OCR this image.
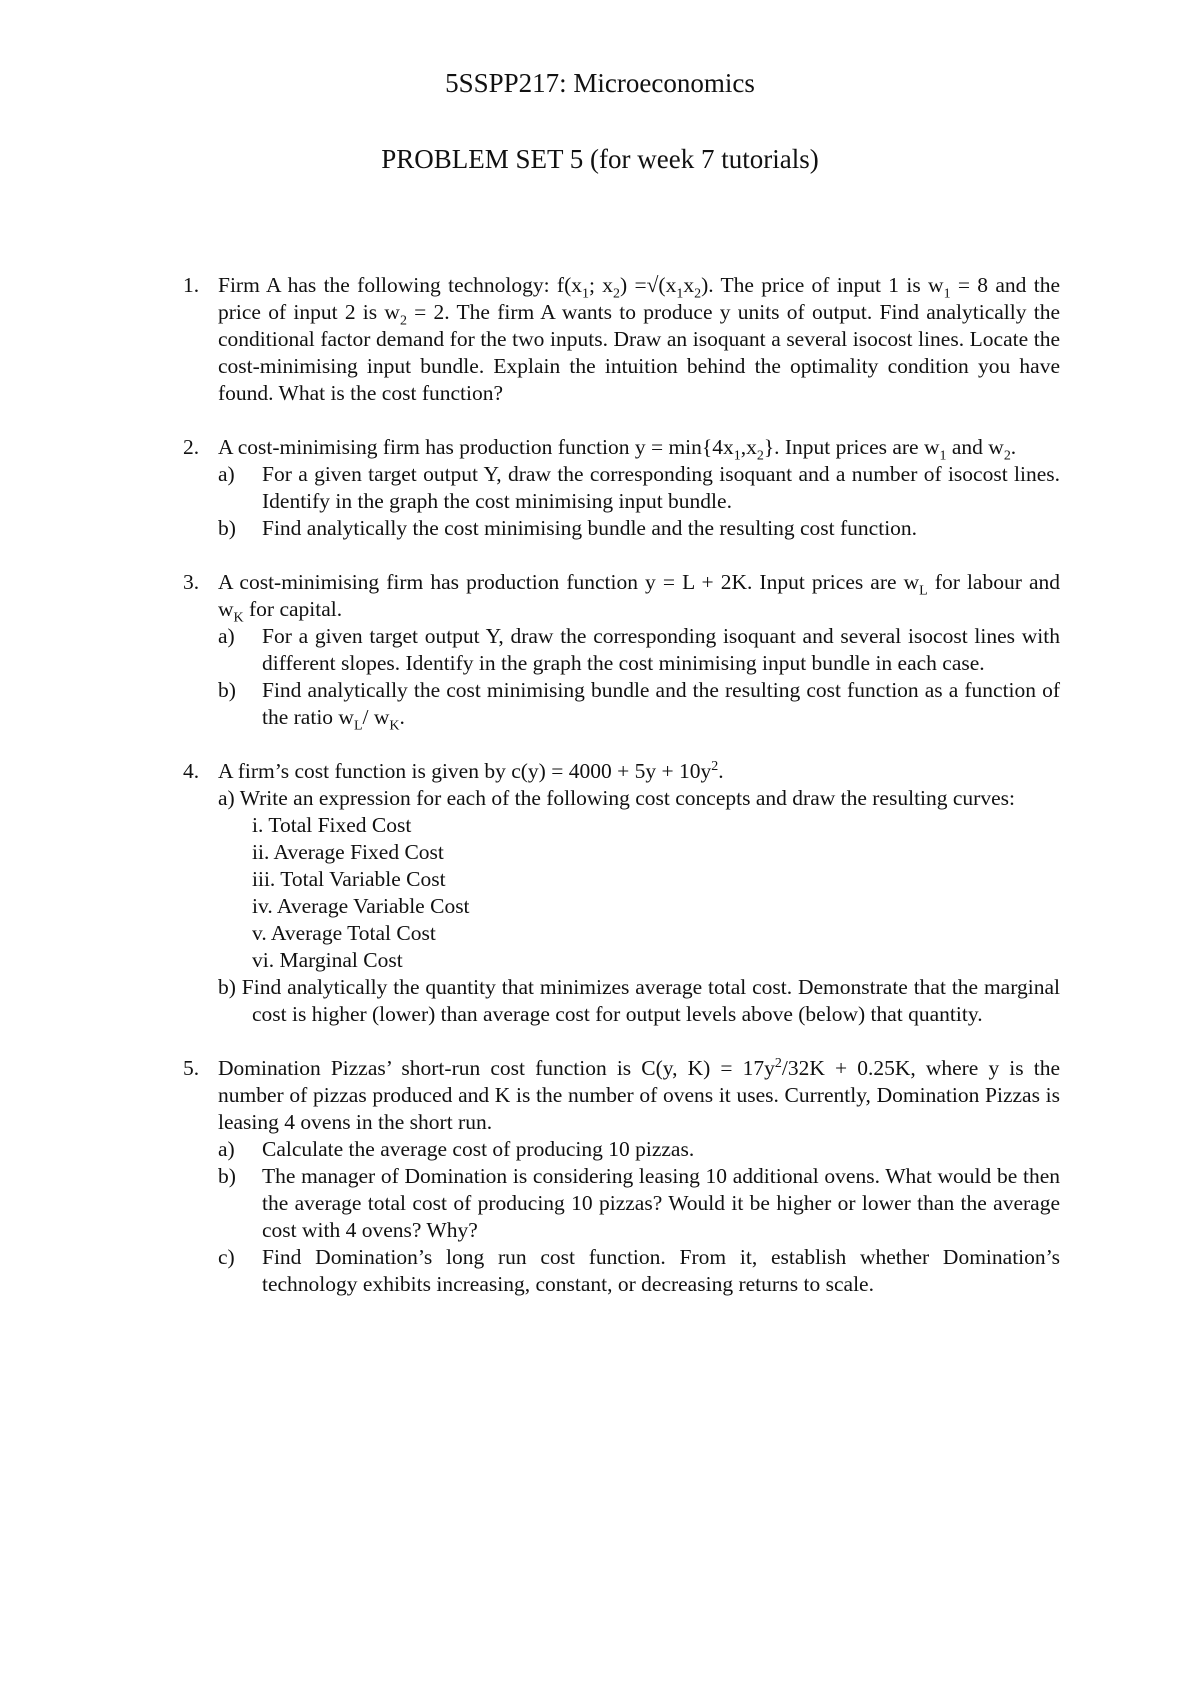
5SSPP217: Microeconomics
PROBLEM SET 5 (for week 7 tutorials)
1. Firm A has the following technology: $f(x_1$; $x_2) =√(x_1x_2)$. The price of input 1 is $w_1 = 8$ and the price of input 2 is $w_2 = 2$. The firm A wants to produce y units of output. Find analytically the conditional factor demand for the two inputs. Draw an isoquant a several isocost lines. Locate the cost-minimising input bundle. Explain the intuition behind the optimality condition you have found. What is the cost function?
2. A cost-minimising firm has production function $y = \min\{4x_1,x_2\}$. Input prices are $w_1$ and $w_2$.
a) For a given target output Y, draw the corresponding isoquant and a number of isocost lines. Identify in the graph the cost minimising input bundle.
b) Find analytically the cost minimising bundle and the resulting cost function.
3. A cost-minimising firm has production function y = L + 2K. Input prices are $w_L$ for labour and $w_K$ for capital.
a) For a given target output Y, draw the corresponding isoquant and several isocost lines with different slopes. Identify in the graph the cost minimising input bundle in each case.
b) Find analytically the cost minimising bundle and the resulting cost function as a function of the ratio $w_L/$ $w_K$.
4. A firm’s cost function is given by $c(y) = 4000 + 5y + 10y^2$.
a) Write an expression for each of the following cost concepts and draw the resulting curves:
i. Total Fixed Cost
ii. Average Fixed Cost
iii. Total Variable Cost
iv. Average Variable Cost
v. Average Total Cost
vi. Marginal Cost
b) Find analytically the quantity that minimizes average total cost. Demonstrate that the marginal cost is higher (lower) than average cost for output levels above (below) that quantity.
5. Domination Pizzas’ short-run cost function is C(y, $K) = 17y^2/32K + 0.25K$, where y is the number of pizzas produced and K is the number of ovens it uses. Currently, Domination Pizzas is leasing 4 ovens in the short run.
a) Calculate the average cost of producing 10 pizzas.
b) The manager of Domination is considering leasing 10 additional ovens. What would be then the average total cost of producing 10 pizzas? Would it be higher or lower than the average cost with 4 ovens? Why?
c) Find Domination’s long run cost function. From it, establish whether Domination’s technology exhibits increasing, constant, or decreasing returns to scale.
